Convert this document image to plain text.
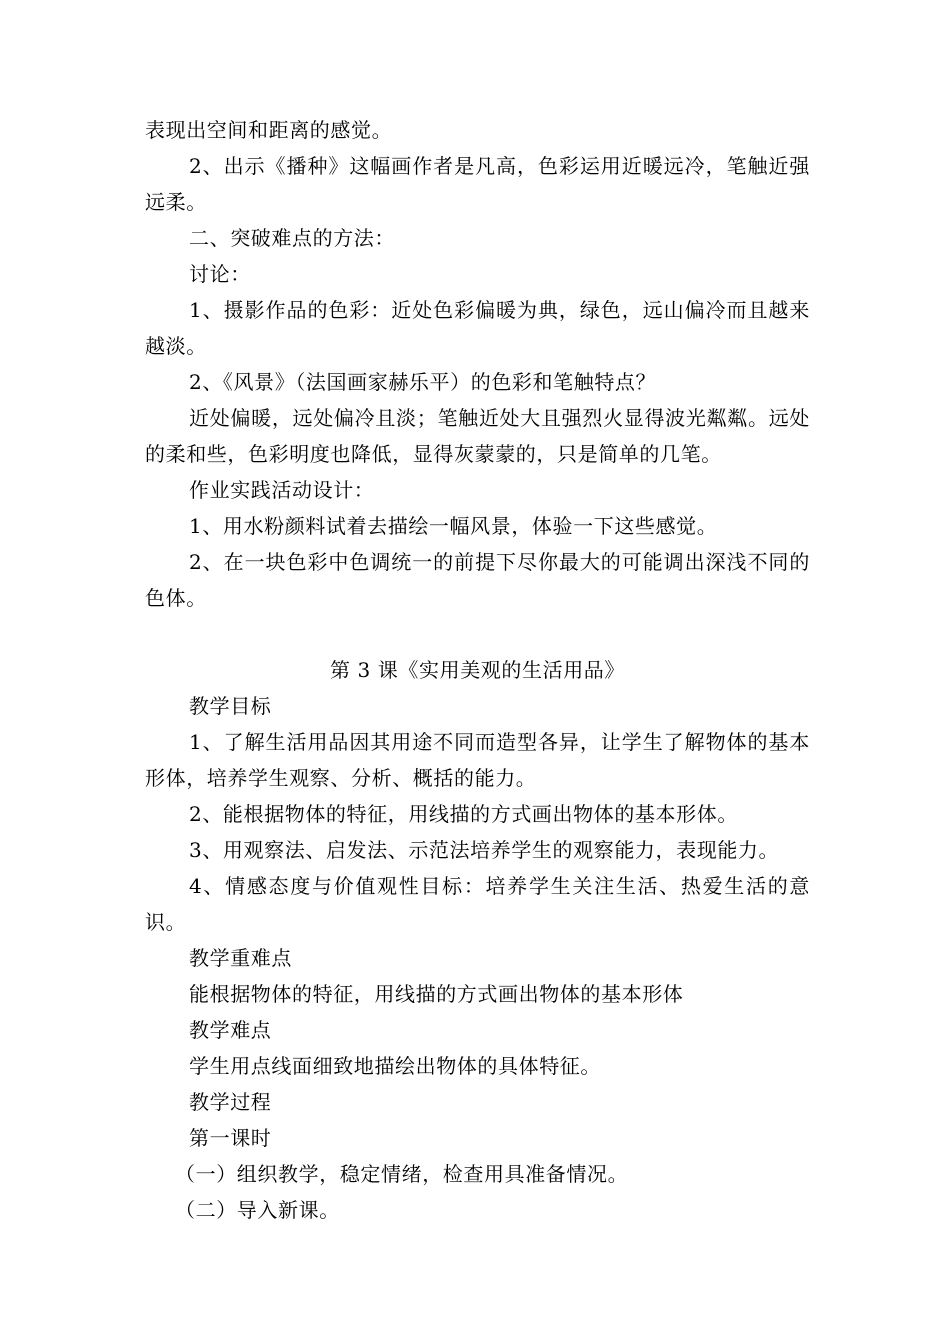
表现出空间和距离的感觉。

2、出示《播种》这幅画作者是凡高，色彩运用近暖远冷，笔触近强远柔。

二、突破难点的方法：

讨论：

1、摄影作品的色彩：近处色彩偏暖为典，绿色，远山偏冷而且越来越淡。

2、《风景》（法国画家赫乐平）的色彩和笔触特点？

近处偏暖，远处偏冷且淡；笔触近处大且强烈火显得波光粼粼。远处的柔和些，色彩明度也降低，显得灰蒙蒙的，只是简单的几笔。

作业实践活动设计：

1、用水粉颜料试着去描绘一幅风景，体验一下这些感觉。

2、在一块色彩中色调统一的前提下尽你最大的可能调出深浅不同的色体。

第 3 课《实用美观的生活用品》

教学目标

1、了解生活用品因其用途不同而造型各异，让学生了解物体的基本形体，培养学生观察、分析、概括的能力。

2、能根据物体的特征，用线描的方式画出物体的基本形体。

3、用观察法、启发法、示范法培养学生的观察能力，表现能力。

4、情感态度与价值观性目标：培养学生关注生活、热爱生活的意识。

教学重难点

能根据物体的特征，用线描的方式画出物体的基本形体

教学难点

学生用点线面细致地描绘出物体的具体特征。

教学过程

第一课时

（一）组织教学，稳定情绪，检查用具准备情况。

（二）导入新课。
